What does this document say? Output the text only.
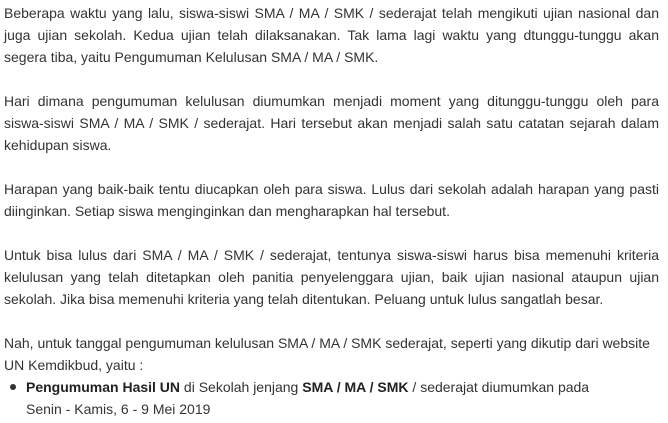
Beberapa waktu yang lalu, siswa-siswi SMA / MA / SMK / sederajat telah mengikuti ujian nasional dan juga ujian sekolah. Kedua ujian telah dilaksanakan. Tak lama lagi waktu yang dtunggu-tunggu akan segera tiba, yaitu Pengumuman Kelulusan SMA / MA / SMK.

Hari dimana pengumuman kelulusan diumumkan menjadi moment yang ditunggu-tunggu oleh para siswa-siswi SMA / MA / SMK / sederajat. Hari tersebut akan menjadi salah satu catatan sejarah dalam kehidupan siswa.

Harapan yang baik-baik tentu diucapkan oleh para siswa. Lulus dari sekolah adalah harapan yang pasti diinginkan. Setiap siswa menginginkan dan mengharapkan hal tersebut.

Untuk bisa lulus dari SMA / MA / SMK / sederajat, tentunya siswa-siswi harus bisa memenuhi kriteria kelulusan yang telah ditetapkan oleh panitia penyelenggara ujian, baik ujian nasional ataupun ujian sekolah. Jika bisa memenuhi kriteria yang telah ditentukan. Peluang untuk lulus sangatlah besar.

Nah, untuk tanggal pengumuman kelulusan SMA / MA / SMK sederajat, seperti yang dikutip dari website UN Kemdikbud, yaitu :

Pengumuman Hasil UN di Sekolah jenjang SMA / MA / SMK / sederajat diumumkan pada Senin - Kamis, 6 - 9 Mei 2019
